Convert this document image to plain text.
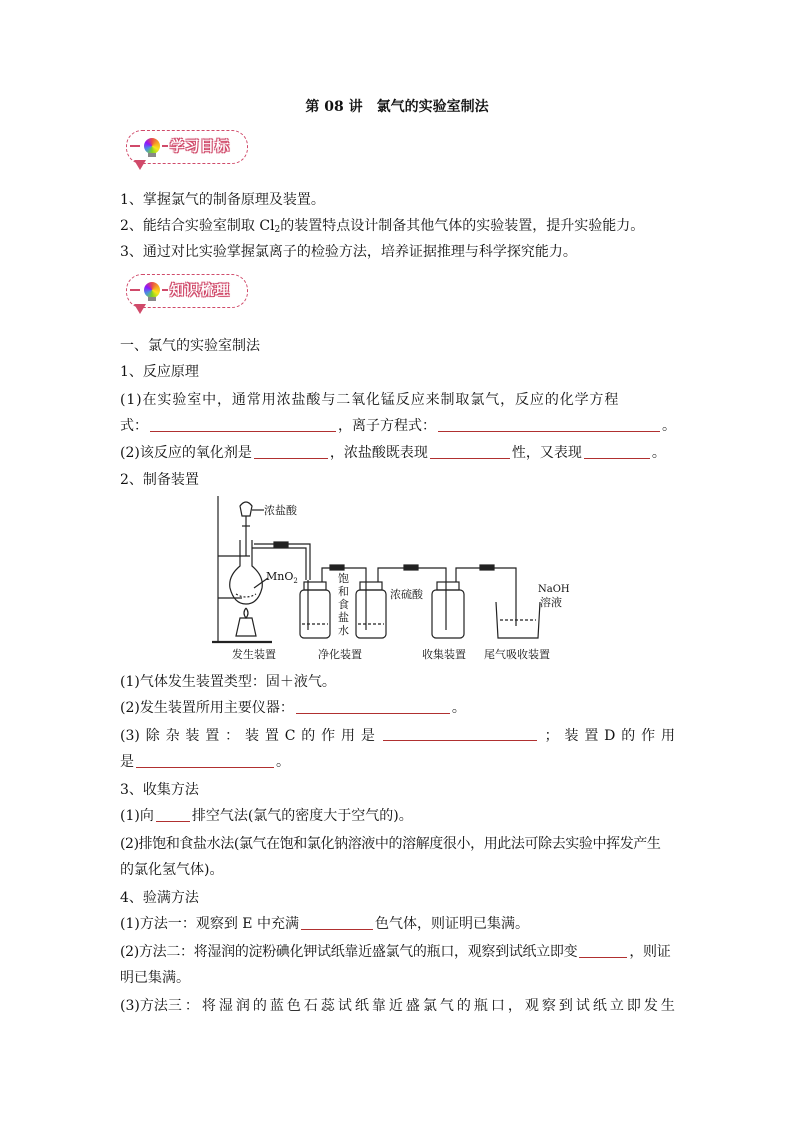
第 08 讲　氯气的实验室制法
学习目标
1、掌握氯气的制备原理及装置。
2、能结合实验室制取 $Cl_2$的装置特点设计制备其他气体的实验装置，提升实验能力。
3、通过对比实验掌握氯离子的检验方法，培养证据推理与科学探究能力。
知识梳理
一、氯气的实验室制法
1、反应原理
(1)在实验室中，通常用浓盐酸与二氧化锰反应来制取氯气，反应的化学方程
式：	，离子方程式：	。
(2)该反应的氧化剂是	，浓盐酸既表现	性，又表现	。
2、制备装置
浓盐酸
MnO$_2$	饱
和
食
盐
水
浓硫酸	NaOH
溶液
发生装置	净化装置	收集装置 尾气吸收装置
(1)气体发生装置类型：固＋液气。
(2)发生装置所用主要仪器：	。
(3) 除 杂 装 置 ： 装 置 C 的 作 用 是	； 装 置 D 的 作 用
是	。
3、收集方法
(1)向	排空气法(氯气的密度大于空气的)。
(2)排饱和食盐水法(氯气在饱和氯化钠溶液中的溶解度很小，用此法可除去实验中挥发产生
的氯化氢气体)。
4、验满方法
(1)方法一：观察到 E 中充满	色气体，则证明已集满。
(2)方法二：将湿润的淀粉碘化钾试纸靠近盛氯气的瓶口，观察到试纸立即变	，则证
明已集满。
(3)方法三 ： 将 湿 润 的 蓝 色 石 蕊 试 纸 靠 近 盛 氯 气 的 瓶 口 ， 观 察 到 试 纸 立 即 发 生
